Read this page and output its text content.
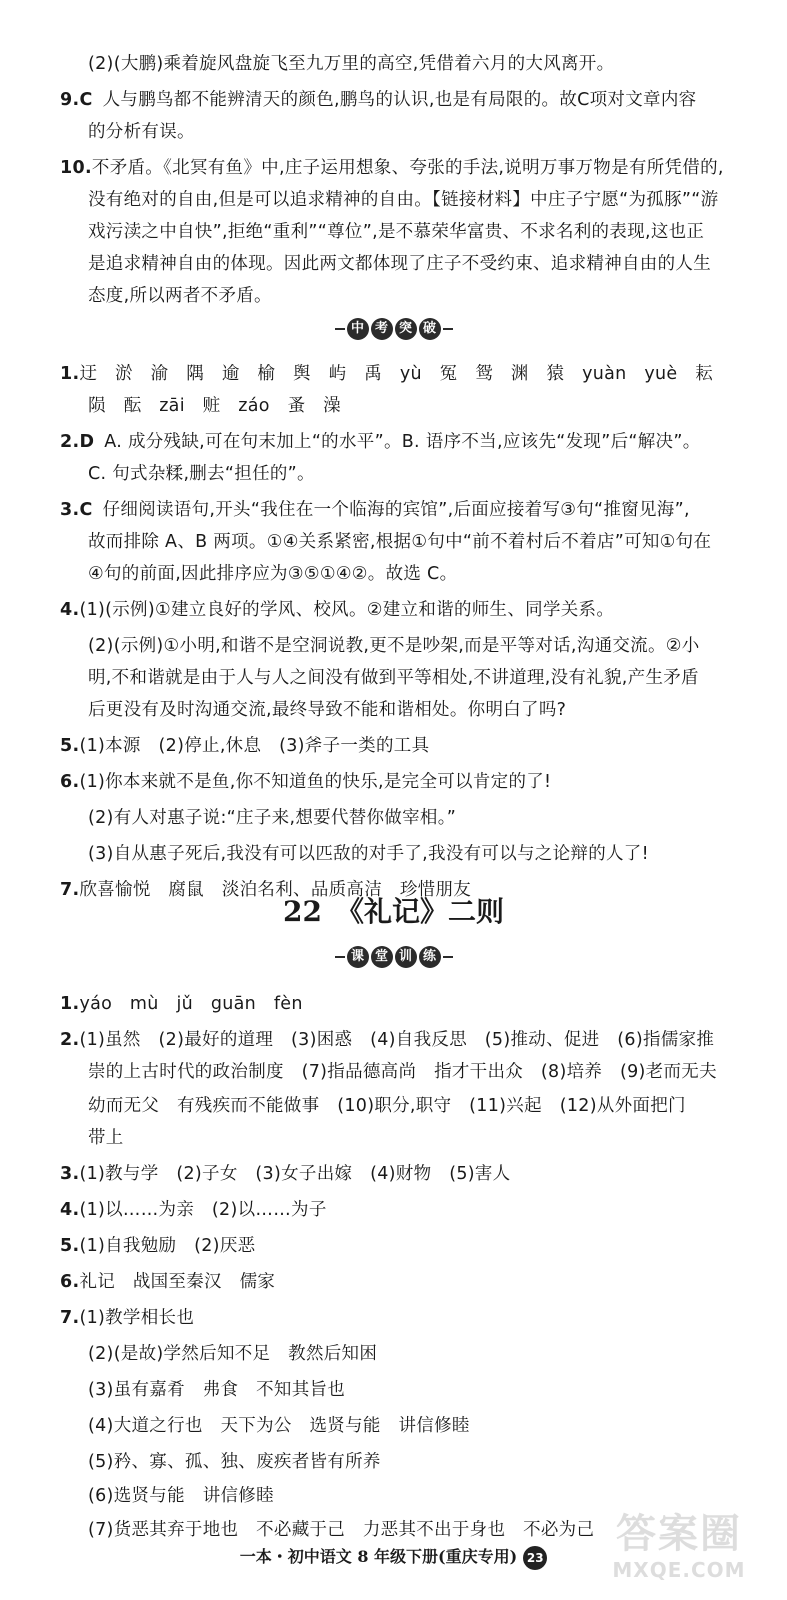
(2)(大鹏)乘着旋风盘旋飞至九万里的高空,凭借着六月的大风离开。
9.C 人与鹏鸟都不能辨清天的颜色,鹏鸟的认识,也是有局限的。故C项对文章内容
的分析有误。
10.不矛盾。《北冥有鱼》中,庄子运用想象、夸张的手法,说明万事万物是有所凭借的,
没有绝对的自由,但是可以追求精神的自由。【链接材料】中庄子宁愿“为孤豚”“游
戏污渎之中自快”,拒绝“重利”“尊位”,是不慕荣华富贵、不求名利的表现,这也正
是追求精神自由的体现。因此两文都体现了庄子不受约束、追求精神自由的人生
态度,所以两者不矛盾。
1.迂　淤　渝　隅　逾　榆　舆　屿　禹　yù　冤　鸳　渊　猿　yuàn　yuè　耘
陨　酝　zāi　赃　záo　蚤　澡
2.D A. 成分残缺,可在句末加上“的水平”。B. 语序不当,应该先“发现”后“解决”。
C. 句式杂糅,删去“担任的”。
3.C 仔细阅读语句,开头“我住在一个临海的宾馆”,后面应接着写③句“推窗见海”,
故而排除 A、B 两项。①④关系紧密,根据①句中“前不着村后不着店”可知①句在
④句的前面,因此排序应为③⑤①④②。故选 C。
4.(1)(示例)①建立良好的学风、校风。②建立和谐的师生、同学关系。
(2)(示例)①小明,和谐不是空洞说教,更不是吵架,而是平等对话,沟通交流。②小
明,不和谐就是由于人与人之间没有做到平等相处,不讲道理,没有礼貌,产生矛盾
后更没有及时沟通交流,最终导致不能和谐相处。你明白了吗?
5.(1)本源　(2)停止,休息　(3)斧子一类的工具
6.(1)你本来就不是鱼,你不知道鱼的快乐,是完全可以肯定的了!
(2)有人对惠子说:“庄子来,想要代替你做宰相。”
(3)自从惠子死后,我没有可以匹敌的对手了,我没有可以与之论辩的人了!
7.欣喜愉悦　腐鼠　淡泊名利、品质高洁　珍惜朋友
1.yáo　mù　jǔ　guān　fèn
2.(1)虽然　(2)最好的道理　(3)困惑　(4)自我反思　(5)推动、促进　(6)指儒家推
崇的上古时代的政治制度　(7)指品德高尚　指才干出众　(8)培养　(9)老而无夫
幼而无父　有残疾而不能做事　(10)职分,职守　(11)兴起　(12)从外面把门
带上
3.(1)教与学　(2)子女　(3)女子出嫁　(4)财物　(5)害人
4.(1)以……为亲　(2)以……为子
5.(1)自我勉励　(2)厌恶
6.礼记　战国至秦汉　儒家
7.(1)教学相长也
(2)(是故)学然后知不足　教然后知困
(3)虽有嘉肴　弗食　不知其旨也
(4)大道之行也　天下为公　选贤与能　讲信修睦
(5)矜、寡、孤、独、废疾者皆有所养
(6)选贤与能　讲信修睦
(7)货恶其弃于地也　不必藏于己　力恶其不出于身也　不必为己
中 考 突 破
22　《礼记》二则
课 堂 训 练
一本・初中语文 8 年级下册(重庆专用) 23
答案圈
MXQE.COM
